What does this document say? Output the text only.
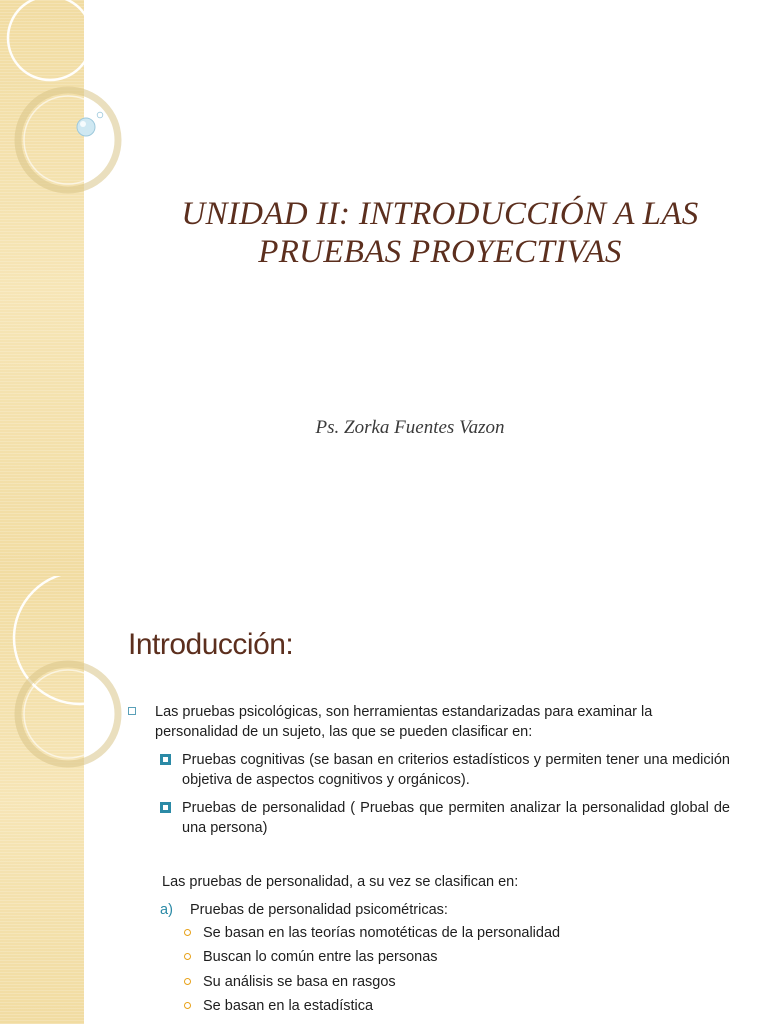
UNIDAD II: INTRODUCCIÓN A LAS
PRUEBAS PROYECTIVAS
Ps. Zorka Fuentes Vazon
Introducción:
Las pruebas psicológicas, son herramientas estandarizadas para examinar la personalidad de un sujeto, las que se pueden clasificar en:
Pruebas cognitivas (se basan en criterios estadísticos y permiten tener una medición objetiva de aspectos cognitivos y orgánicos).
Pruebas de personalidad ( Pruebas que permiten analizar la personalidad global de una persona)
Las pruebas de personalidad, a su vez se clasifican en:
a) Pruebas de personalidad psicométricas:
Se basan en las teorías nomotéticas de la personalidad
Buscan lo común entre las personas
Su análisis se basa en rasgos
Se basan en la estadística
